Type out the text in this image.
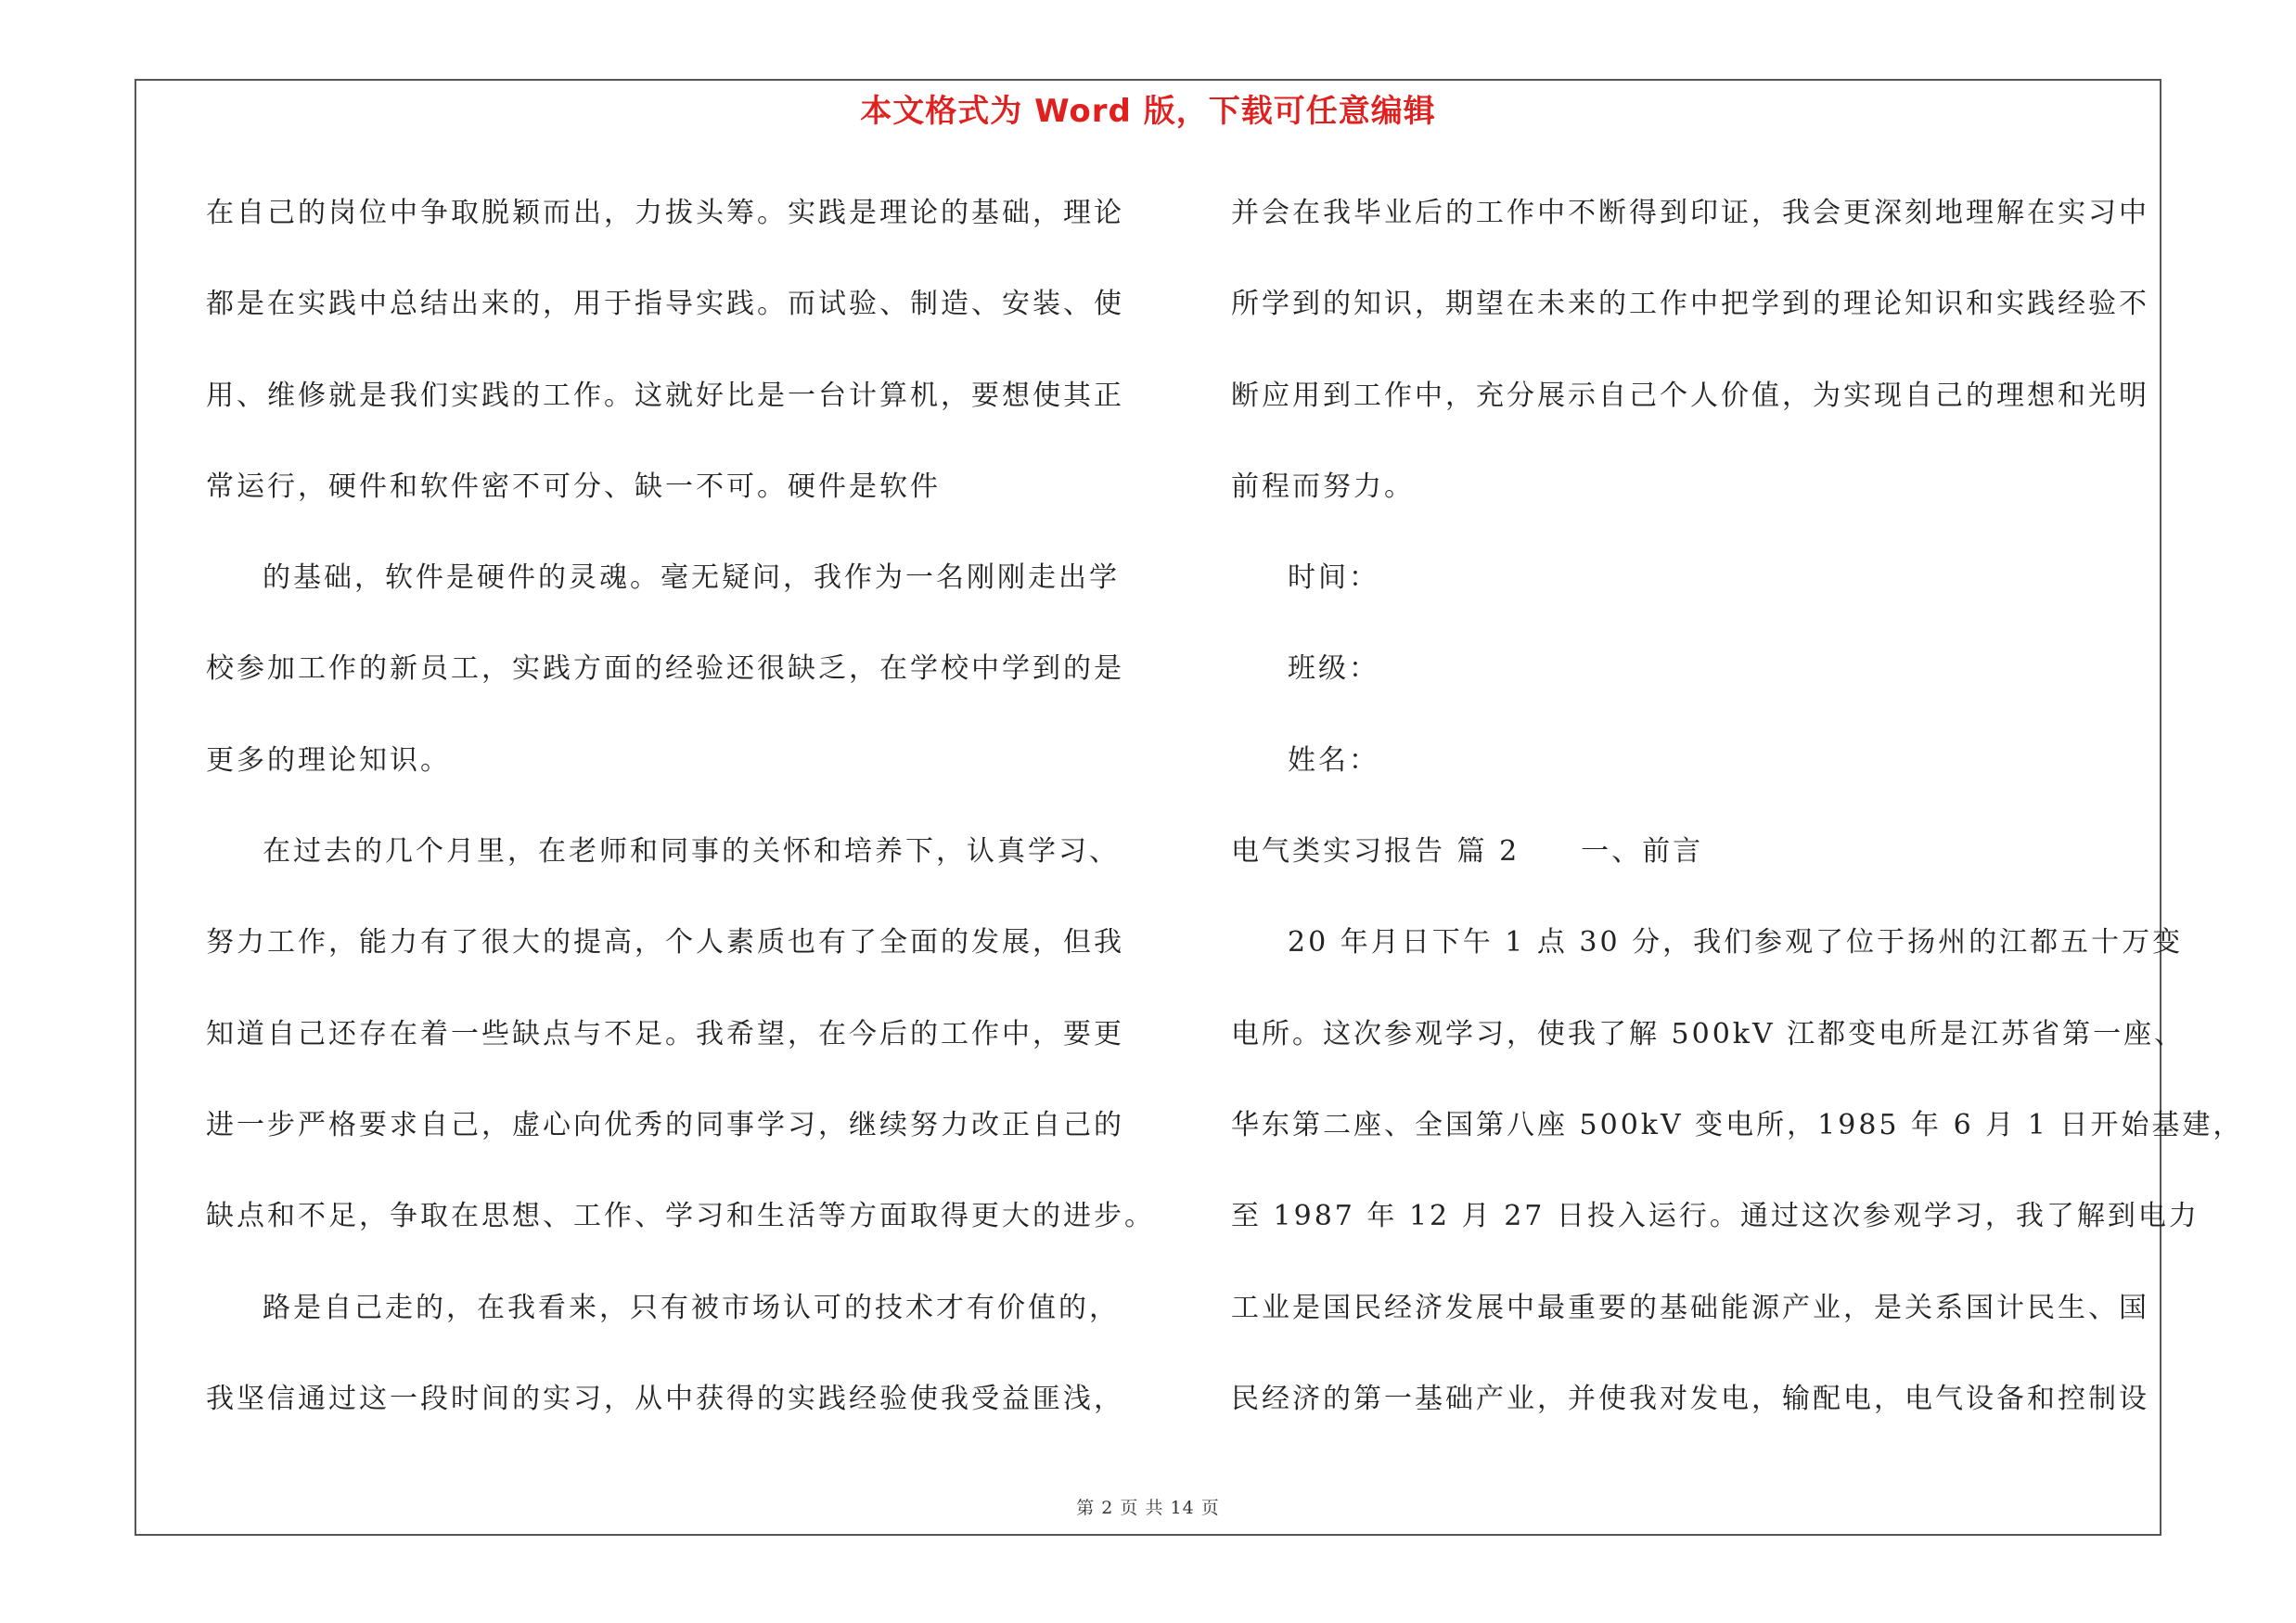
本文格式为 Word 版，下载可任意编辑
在自己的岗位中争取脱颖而出，力拔头筹。实践是理论的基础，理论
都是在实践中总结出来的，用于指导实践。而试验、制造、安装、使
用、维修就是我们实践的工作。这就好比是一台计算机，要想使其正
常运行，硬件和软件密不可分、缺一不可。硬件是软件
的基础，软件是硬件的灵魂。毫无疑问，我作为一名刚刚走出学
校参加工作的新员工，实践方面的经验还很缺乏，在学校中学到的是
更多的理论知识。
在过去的几个月里，在老师和同事的关怀和培养下，认真学习、
努力工作，能力有了很大的提高，个人素质也有了全面的发展，但我
知道自己还存在着一些缺点与不足。我希望，在今后的工作中，要更
进一步严格要求自己，虚心向优秀的同事学习，继续努力改正自己的
缺点和不足，争取在思想、工作、学习和生活等方面取得更大的进步。
路是自己走的，在我看来，只有被市场认可的技术才有价值的，
我坚信通过这一段时间的实习，从中获得的实践经验使我受益匪浅，
并会在我毕业后的工作中不断得到印证，我会更深刻地理解在实习中
所学到的知识，期望在未来的工作中把学到的理论知识和实践经验不
断应用到工作中，充分展示自己个人价值，为实现自己的理想和光明
前程而努力。
时间：
班级：
姓名：
电气类实习报告 篇 2　　一、前言
20 年月日下午 1 点 30 分，我们参观了位于扬州的江都五十万变
电所。这次参观学习，使我了解 500kV 江都变电所是江苏省第一座、
华东第二座、全国第八座 500kV 变电所，1985 年 6 月 1 日开始基建，
至 1987 年 12 月 27 日投入运行。通过这次参观学习，我了解到电力
工业是国民经济发展中最重要的基础能源产业，是关系国计民生、国
民经济的第一基础产业，并使我对发电，输配电，电气设备和控制设
第 2 页 共 14 页
